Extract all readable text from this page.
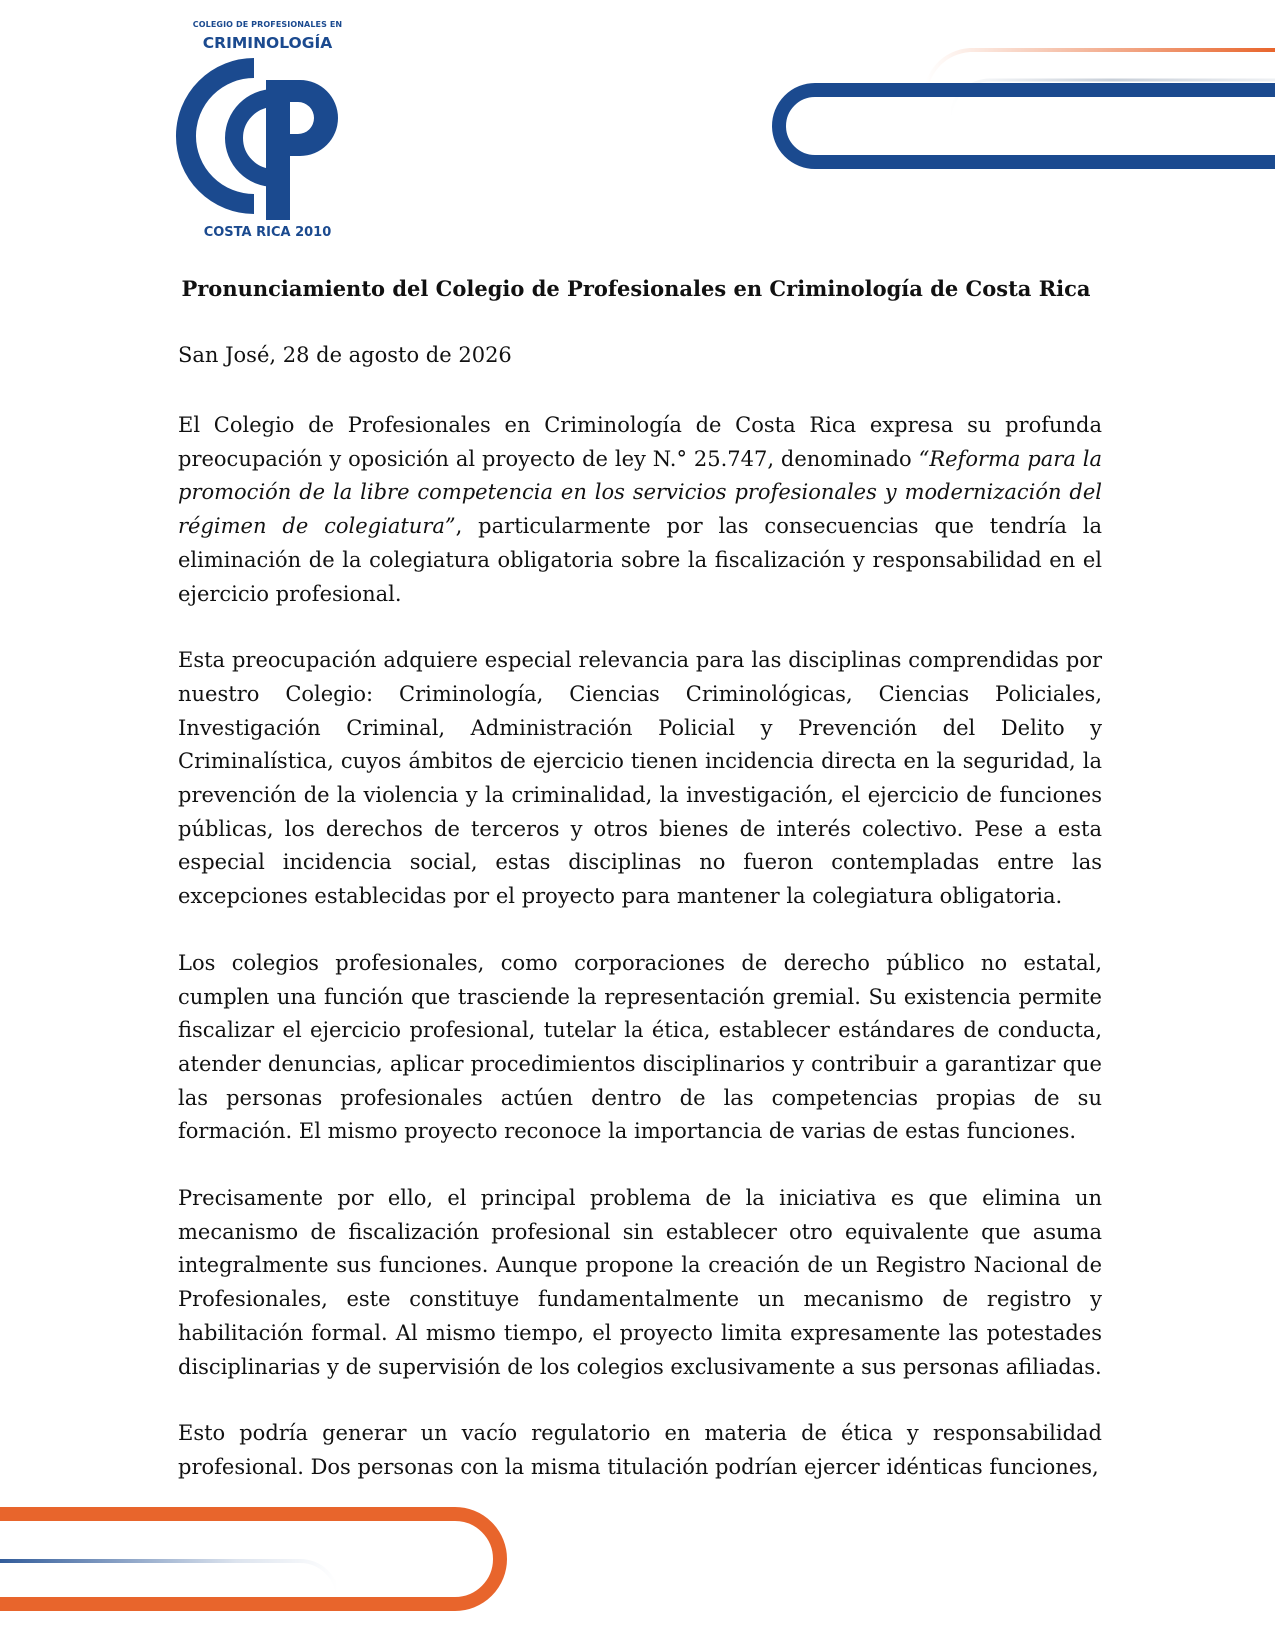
COLEGIO DE PROFESIONALES EN
CRIMINOLOGÍA
COSTA RICA 2010
Pronunciamiento del Colegio de Profesionales en Criminología de Costa Rica
San José, 28 de agosto de 2026

El Colegio de Profesionales en Criminología de Costa Rica expresa su profunda preocupación y oposición al proyecto de ley N.° 25.747, denominado “Reforma para la promoción de la libre competencia en los servicios profesionales y modernización del régimen de colegiatura”, particularmente por las consecuencias que tendría la eliminación de la colegiatura obligatoria sobre la fiscalización y responsabilidad en el ejercicio profesional.

Esta preocupación adquiere especial relevancia para las disciplinas comprendidas por nuestro Colegio: Criminología, Ciencias Criminológicas, Ciencias Policiales, Investigación Criminal, Administración Policial y Prevención del Delito y Criminalística, cuyos ámbitos de ejercicio tienen incidencia directa en la seguridad, la prevención de la violencia y la criminalidad, la investigación, el ejercicio de funciones públicas, los derechos de terceros y otros bienes de interés colectivo. Pese a esta especial incidencia social, estas disciplinas no fueron contempladas entre las excepciones establecidas por el proyecto para mantener la colegiatura obligatoria.

Los colegios profesionales, como corporaciones de derecho público no estatal, cumplen una función que trasciende la representación gremial. Su existencia permite fiscalizar el ejercicio profesional, tutelar la ética, establecer estándares de conducta, atender denuncias, aplicar procedimientos disciplinarios y contribuir a garantizar que las personas profesionales actúen dentro de las competencias propias de su formación. El mismo proyecto reconoce la importancia de varias de estas funciones.

Precisamente por ello, el principal problema de la iniciativa es que elimina un mecanismo de fiscalización profesional sin establecer otro equivalente que asuma integralmente sus funciones. Aunque propone la creación de un Registro Nacional de Profesionales, este constituye fundamentalmente un mecanismo de registro y habilitación formal. Al mismo tiempo, el proyecto limita expresamente las potestades disciplinarias y de supervisión de los colegios exclusivamente a sus personas afiliadas.

Esto podría generar un vacío regulatorio en materia de ética y responsabilidad profesional. Dos personas con la misma titulación podrían ejercer idénticas funciones,
